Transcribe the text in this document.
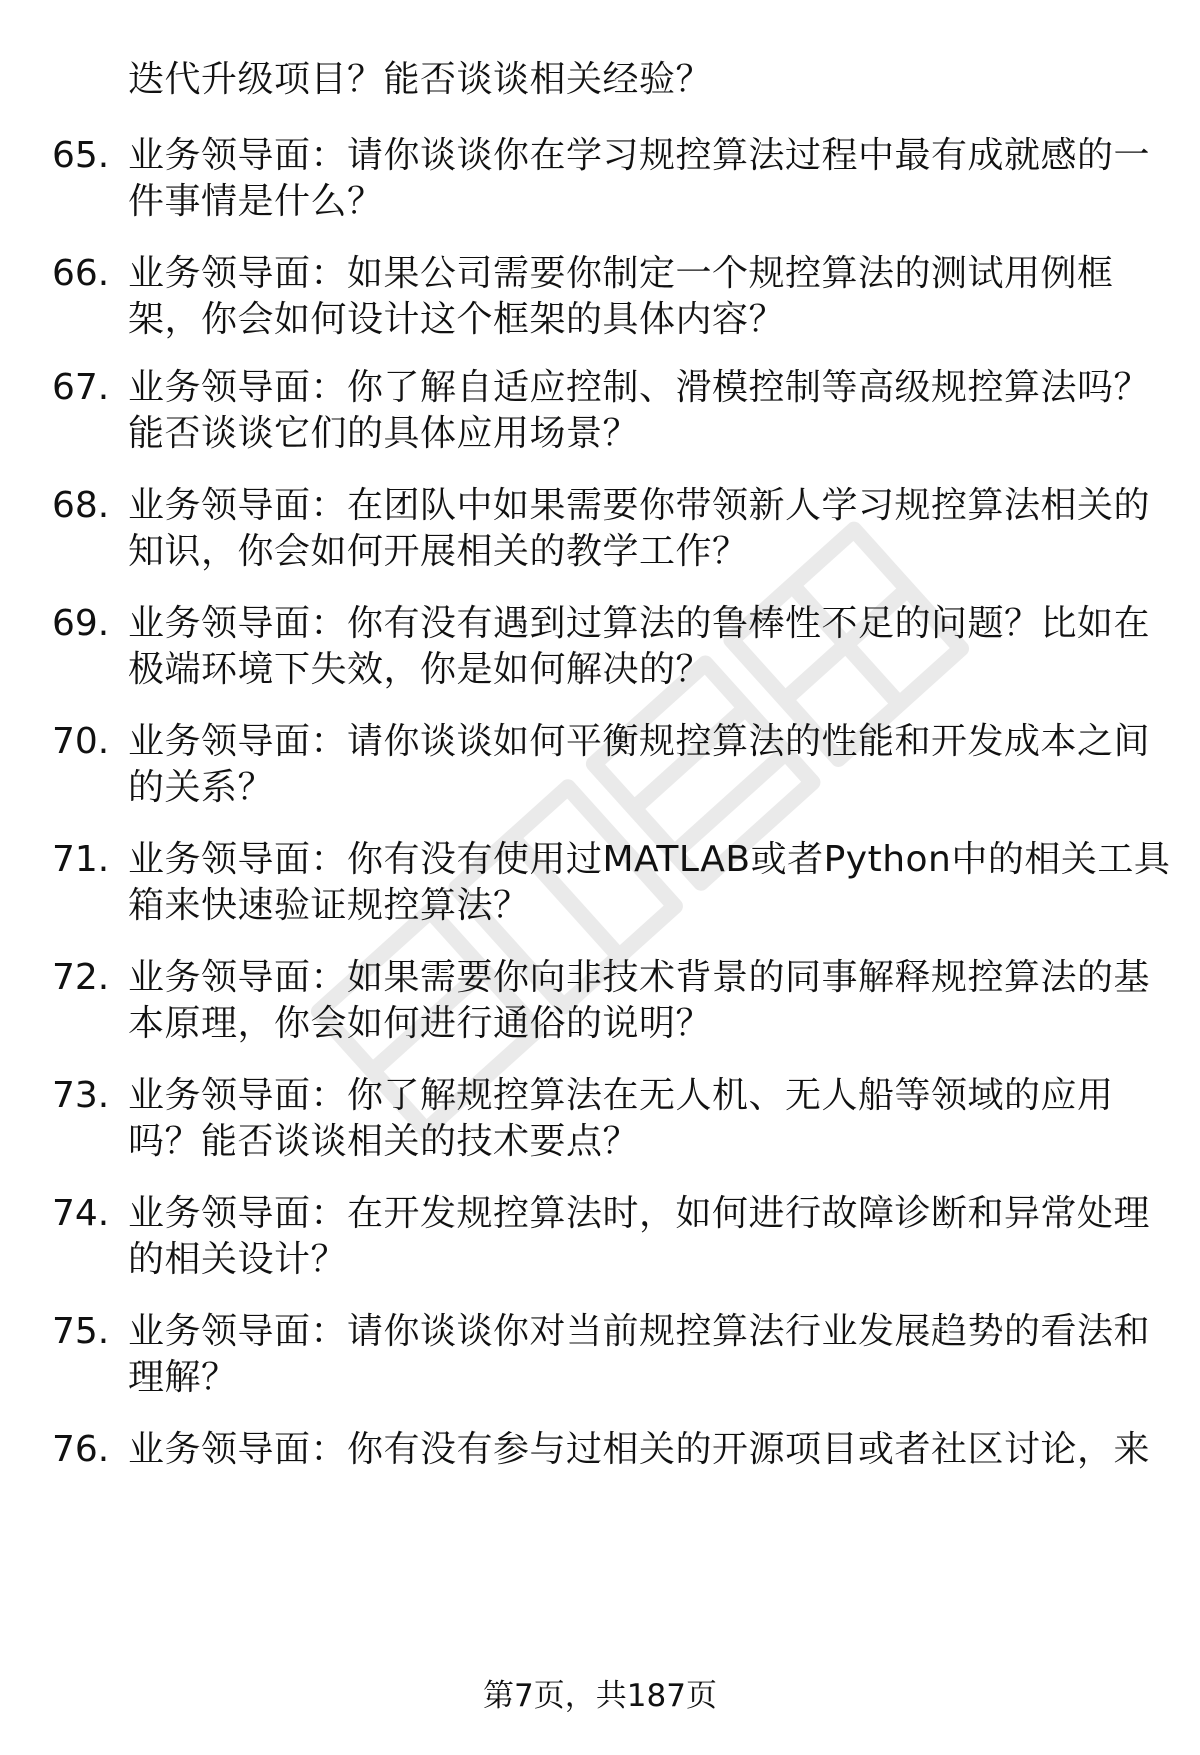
迭代升级项目？能否谈谈相关经验？
65. 业务领导面：请你谈谈你在学习规控算法过程中最有成就感的一
件事情是什么？
66. 业务领导面：如果公司需要你制定一个规控算法的测试用例框
架，你会如何设计这个框架的具体内容？
67. 业务领导面：你了解自适应控制、滑模控制等高级规控算法吗？
能否谈谈它们的具体应用场景？
68. 业务领导面：在团队中如果需要你带领新人学习规控算法相关的
知识，你会如何开展相关的教学工作？
69. 业务领导面：你有没有遇到过算法的鲁棒性不足的问题？比如在
极端环境下失效，你是如何解决的？
70. 业务领导面：请你谈谈如何平衡规控算法的性能和开发成本之间
的关系？
71. 业务领导面：你有没有使用过MATLAB或者Python中的相关工具
箱来快速验证规控算法？
72. 业务领导面：如果需要你向非技术背景的同事解释规控算法的基
本原理，你会如何进行通俗的说明？
73. 业务领导面：你了解规控算法在无人机、无人船等领域的应用
吗？能否谈谈相关的技术要点？
74. 业务领导面：在开发规控算法时，如何进行故障诊断和异常处理
的相关设计？
75. 业务领导面：请你谈谈你对当前规控算法行业发展趋势的看法和
理解？
76. 业务领导面：你有没有参与过相关的开源项目或者社区讨论，来
第7页，共187页
